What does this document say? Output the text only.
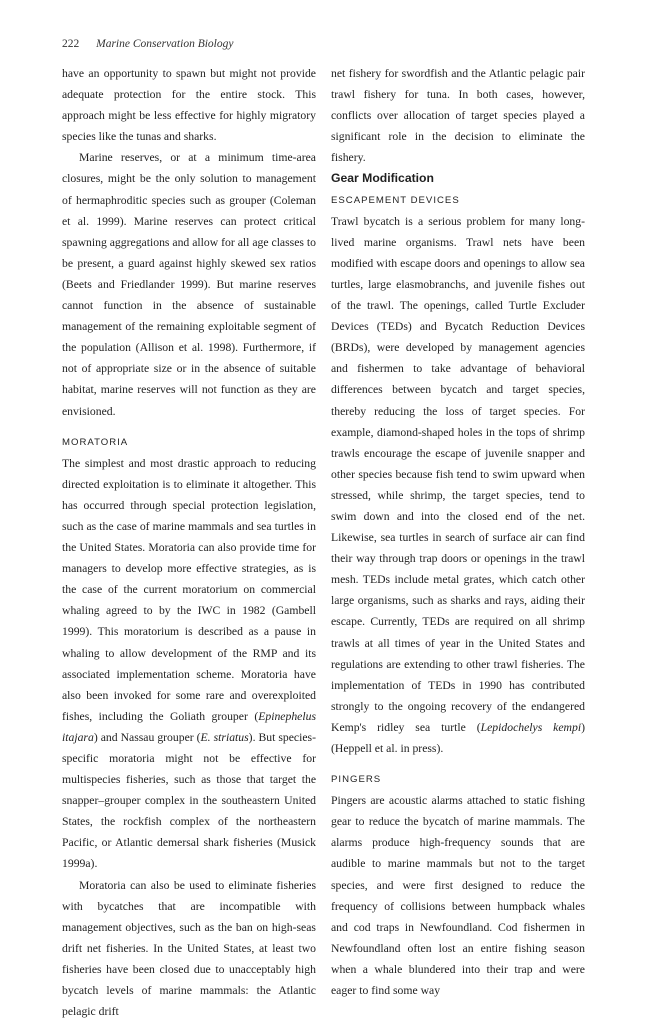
222 Marine Conservation Biology

have an opportunity to spawn but might not provide adequate protection for the entire stock. This approach might be less effective for highly migratory species like the tunas and sharks.

Marine reserves, or at a minimum time-area closures, might be the only solution to management of hermaphroditic species such as grouper (Coleman et al. 1999). Marine reserves can protect critical spawning aggregations and allow for all age classes to be present, a guard against highly skewed sex ratios (Beets and Friedlander 1999). But marine reserves cannot function in the absence of sustainable management of the remaining exploitable segment of the population (Allison et al. 1998). Furthermore, if not of appropriate size or in the absence of suitable habitat, marine reserves will not function as they are envisioned.

MORATORIA

The simplest and most drastic approach to reducing directed exploitation is to eliminate it altogether. This has occurred through special protection legislation, such as the case of marine mammals and sea turtles in the United States. Moratoria can also provide time for managers to develop more effective strategies, as is the case of the current moratorium on commercial whaling agreed to by the IWC in 1982 (Gambell 1999). This moratorium is described as a pause in whaling to allow development of the RMP and its associated implementation scheme. Moratoria have also been invoked for some rare and overexploited fishes, including the Goliath grouper (Epinephelus itajara) and Nassau grouper (E. striatus). But species-specific moratoria might not be effective for multispecies fisheries, such as those that target the snapper–grouper complex in the southeastern United States, the rockfish complex of the northeastern Pacific, or Atlantic demersal shark fisheries (Musick 1999a).

Moratoria can also be used to eliminate fisheries with bycatches that are incompatible with management objectives, such as the ban on high-seas drift net fisheries. In the United States, at least two fisheries have been closed due to unacceptably high bycatch levels of marine mammals: the Atlantic pelagic drift

net fishery for swordfish and the Atlantic pelagic pair trawl fishery for tuna. In both cases, however, conflicts over allocation of target species played a significant role in the decision to eliminate the fishery.

Gear Modification

ESCAPEMENT DEVICES

Trawl bycatch is a serious problem for many long-lived marine organisms. Trawl nets have been modified with escape doors and openings to allow sea turtles, large elasmobranchs, and juvenile fishes out of the trawl. The openings, called Turtle Excluder Devices (TEDs) and Bycatch Reduction Devices (BRDs), were developed by management agencies and fishermen to take advantage of behavioral differences between bycatch and target species, thereby reducing the loss of target species. For example, diamond-shaped holes in the tops of shrimp trawls encourage the escape of juvenile snapper and other species because fish tend to swim upward when stressed, while shrimp, the target species, tend to swim down and into the closed end of the net. Likewise, sea turtles in search of surface air can find their way through trap doors or openings in the trawl mesh. TEDs include metal grates, which catch other large organisms, such as sharks and rays, aiding their escape. Currently, TEDs are required on all shrimp trawls at all times of year in the United States and regulations are extending to other trawl fisheries. The implementation of TEDs in 1990 has contributed strongly to the ongoing recovery of the endangered Kemp's ridley sea turtle (Lepidochelys kempi) (Heppell et al. in press).

PINGERS

Pingers are acoustic alarms attached to static fishing gear to reduce the bycatch of marine mammals. The alarms produce high-frequency sounds that are audible to marine mammals but not to the target species, and were first designed to reduce the frequency of collisions between humpback whales and cod traps in Newfoundland. Cod fishermen in Newfoundland often lost an entire fishing season when a whale blundered into their trap and were eager to find some way
